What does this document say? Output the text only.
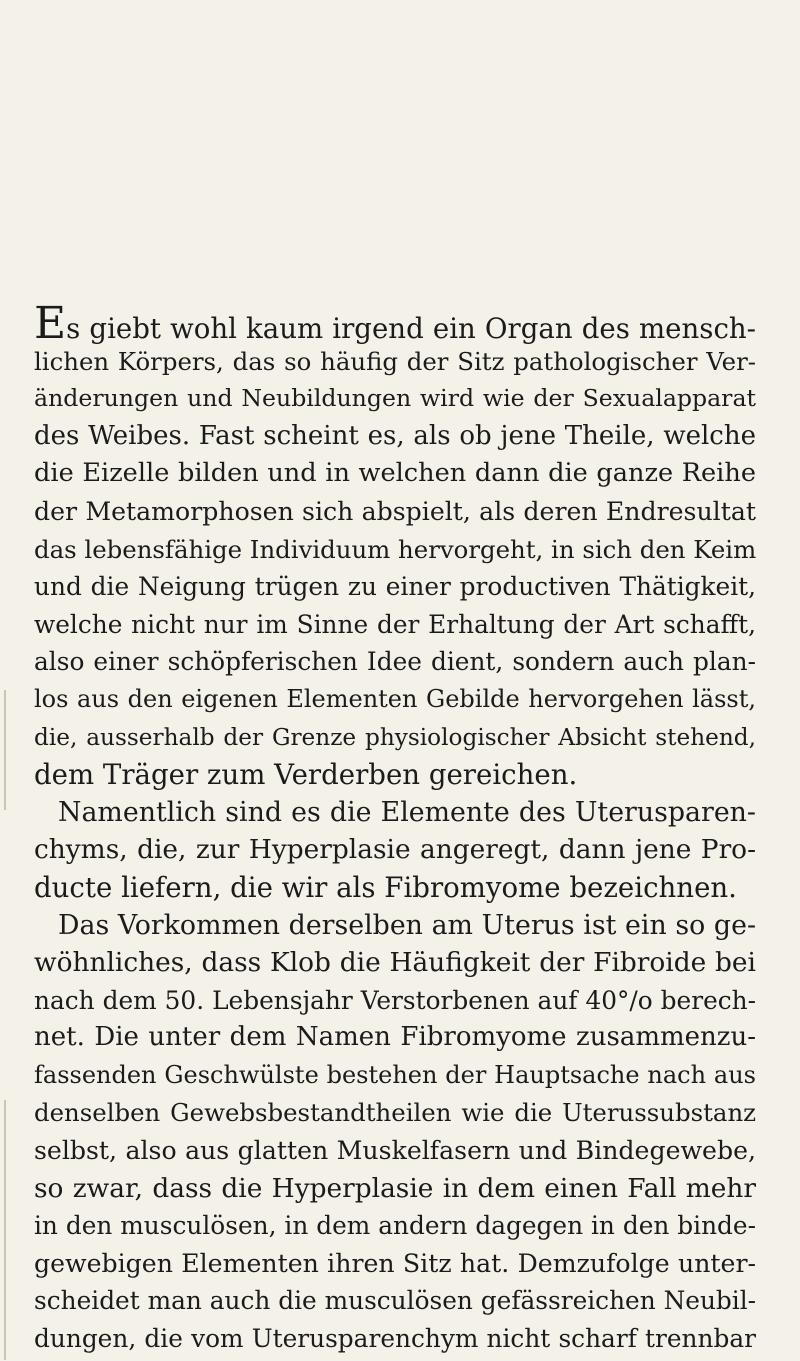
Es giebt wohl kaum irgend ein Organ des mensch-
lichen Körpers, das so häufig der Sitz pathologischer Ver-
änderungen und Neubildungen wird wie der Sexualapparat
des Weibes. Fast scheint es, als ob jene Theile, welche
die Eizelle bilden und in welchen dann die ganze Reihe
der Metamorphosen sich abspielt, als deren Endresultat
das lebensfähige Individuum hervorgeht, in sich den Keim
und die Neigung trügen zu einer productiven Thätigkeit,
welche nicht nur im Sinne der Erhaltung der Art schafft,
also einer schöpferischen Idee dient, sondern auch plan-
los aus den eigenen Elementen Gebilde hervorgehen lässt,
die, ausserhalb der Grenze physiologischer Absicht stehend,
dem Träger zum Verderben gereichen.
Namentlich sind es die Elemente des Uterusparen-
chyms, die, zur Hyperplasie angeregt, dann jene Pro-
ducte liefern, die wir als Fibromyome bezeichnen.
Das Vorkommen derselben am Uterus ist ein so ge-
wöhnliches, dass Klob die Häufigkeit der Fibroide bei
nach dem 50. Lebensjahr Verstorbenen auf 40°/o berech-
net. Die unter dem Namen Fibromyome zusammenzu-
fassenden Geschwülste bestehen der Hauptsache nach aus
denselben Gewebsbestandtheilen wie die Uterussubstanz
selbst, also aus glatten Muskelfasern und Bindegewebe,
so zwar, dass die Hyperplasie in dem einen Fall mehr
in den musculösen, in dem andern dagegen in den binde-
gewebigen Elementen ihren Sitz hat. Demzufolge unter-
scheidet man auch die musculösen gefässreichen Neubil-
dungen, die vom Uterusparenchym nicht scharf trennbar
